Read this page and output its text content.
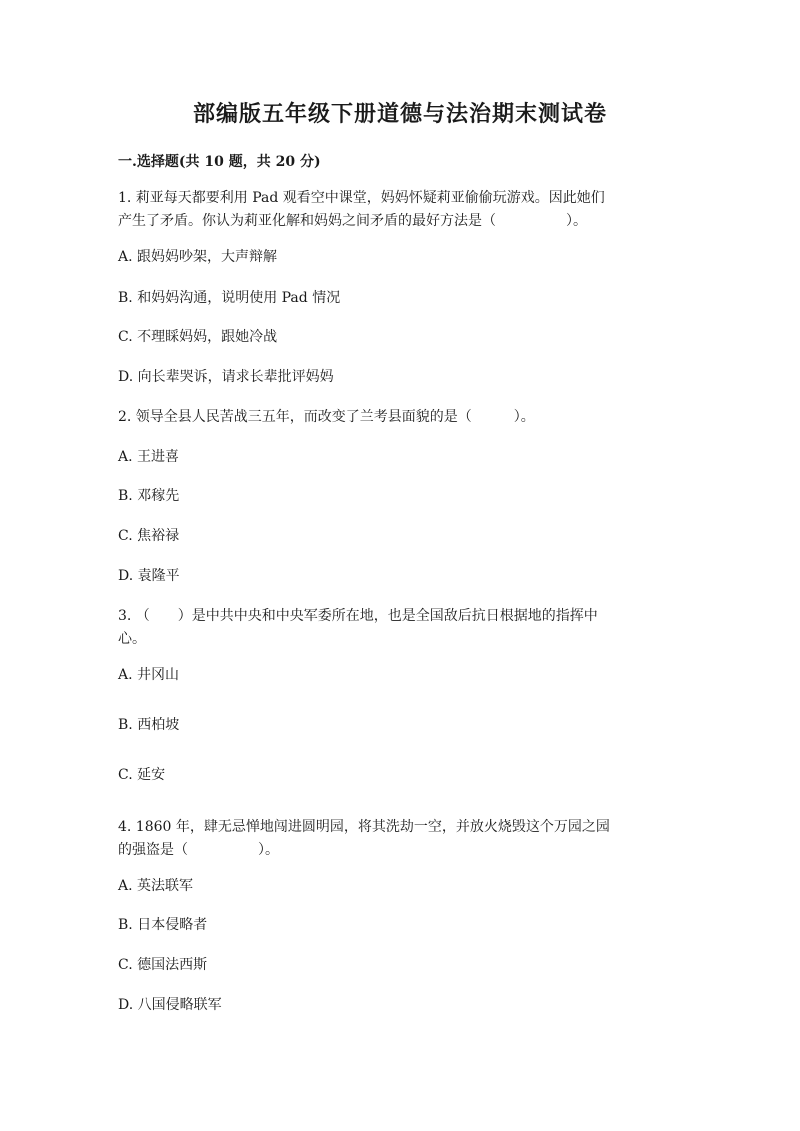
部编版五年级下册道德与法治期末测试卷
一.选择题(共 10 题，共 20 分)
1. 莉亚每天都要利用 Pad 观看空中课堂，妈妈怀疑莉亚偷偷玩游戏。因此她们
产生了矛盾。你认为莉亚化解和妈妈之间矛盾的最好方法是（　　　　　）。
A. 跟妈妈吵架，大声辩解
B. 和妈妈沟通，说明使用 Pad 情况
C. 不理睬妈妈，跟她冷战
D. 向长辈哭诉，请求长辈批评妈妈
2. 领导全县人民苦战三五年，而改变了兰考县面貌的是（　　　）。
A. 王进喜
B. 邓稼先
C. 焦裕禄
D. 袁隆平
3. （　　）是中共中央和中央军委所在地，也是全国敌后抗日根据地的指挥中
心。
A. 井冈山
B. 西柏坡
C. 延安
4. 1860 年，肆无忌惮地闯进圆明园，将其洗劫一空，并放火烧毁这个万园之园
的强盗是（　　　　　）。
A. 英法联军
B. 日本侵略者
C. 德国法西斯
D. 八国侵略联军
